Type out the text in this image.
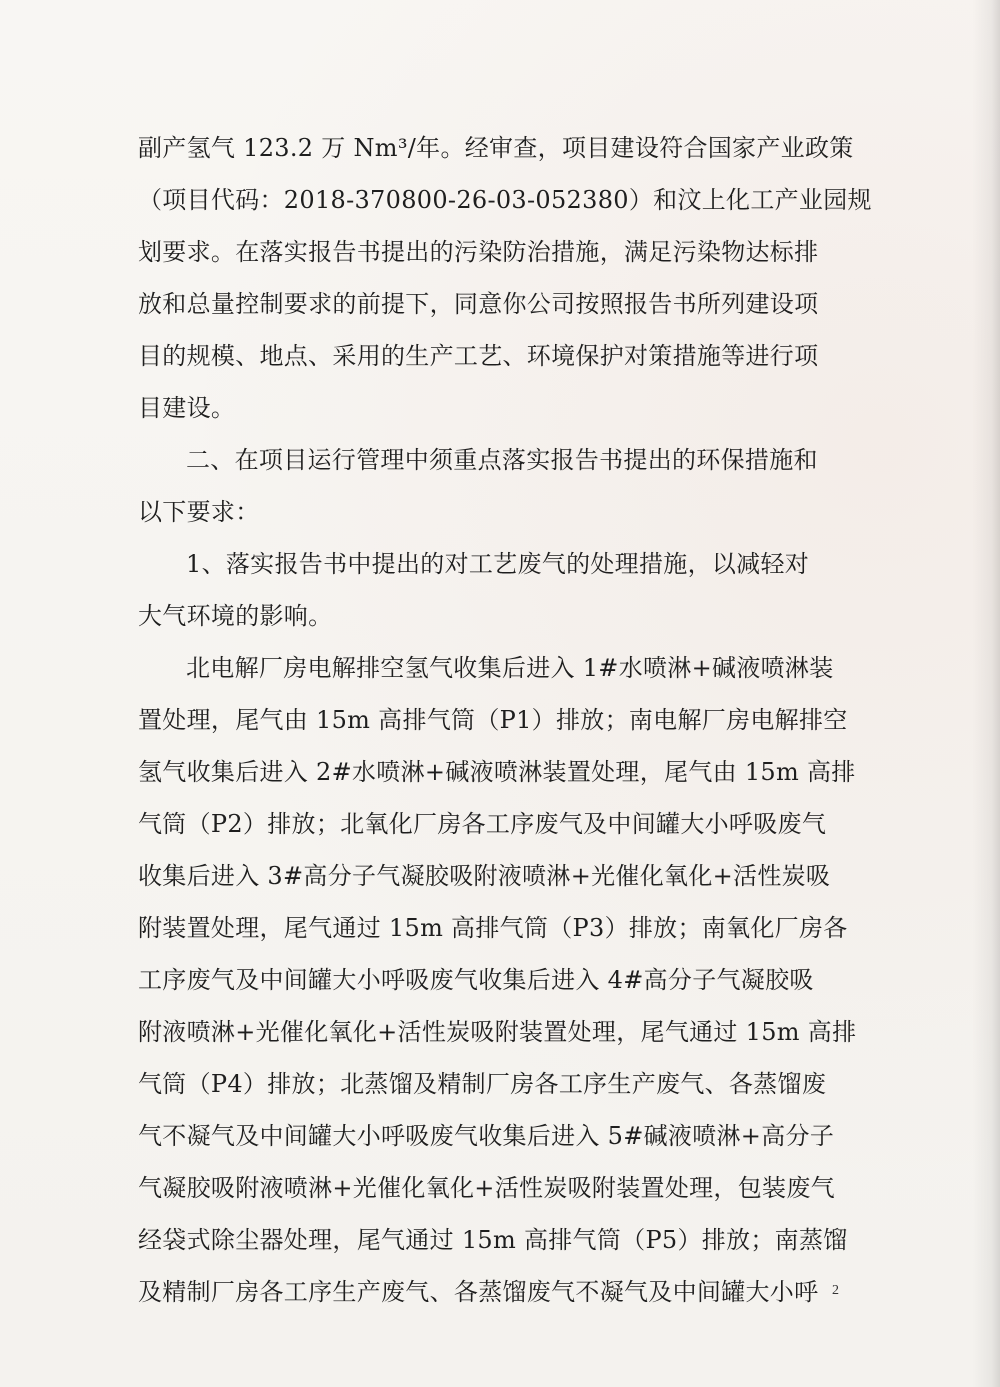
副产氢气 123.2 万 Nm³/年。经审查，项目建设符合国家产业政策
（项目代码：2018-370800-26-03-052380）和汶上化工产业园规
划要求。在落实报告书提出的污染防治措施，满足污染物达标排
放和总量控制要求的前提下，同意你公司按照报告书所列建设项
目的规模、地点、采用的生产工艺、环境保护对策措施等进行项
目建设。
二、在项目运行管理中须重点落实报告书提出的环保措施和
以下要求：
1、落实报告书中提出的对工艺废气的处理措施，以减轻对
大气环境的影响。
北电解厂房电解排空氢气收集后进入 1#水喷淋+碱液喷淋装
置处理，尾气由 15m 高排气筒（P1）排放；南电解厂房电解排空
氢气收集后进入 2#水喷淋+碱液喷淋装置处理，尾气由 15m 高排
气筒（P2）排放；北氧化厂房各工序废气及中间罐大小呼吸废气
收集后进入 3#高分子气凝胶吸附液喷淋+光催化氧化+活性炭吸
附装置处理，尾气通过 15m 高排气筒（P3）排放；南氧化厂房各
工序废气及中间罐大小呼吸废气收集后进入 4#高分子气凝胶吸
附液喷淋+光催化氧化+活性炭吸附装置处理，尾气通过 15m 高排
气筒（P4）排放；北蒸馏及精制厂房各工序生产废气、各蒸馏废
气不凝气及中间罐大小呼吸废气收集后进入 5#碱液喷淋+高分子
气凝胶吸附液喷淋+光催化氧化+活性炭吸附装置处理，包装废气
经袋式除尘器处理，尾气通过 15m 高排气筒（P5）排放；南蒸馏
及精制厂房各工序生产废气、各蒸馏废气不凝气及中间罐大小呼 2
